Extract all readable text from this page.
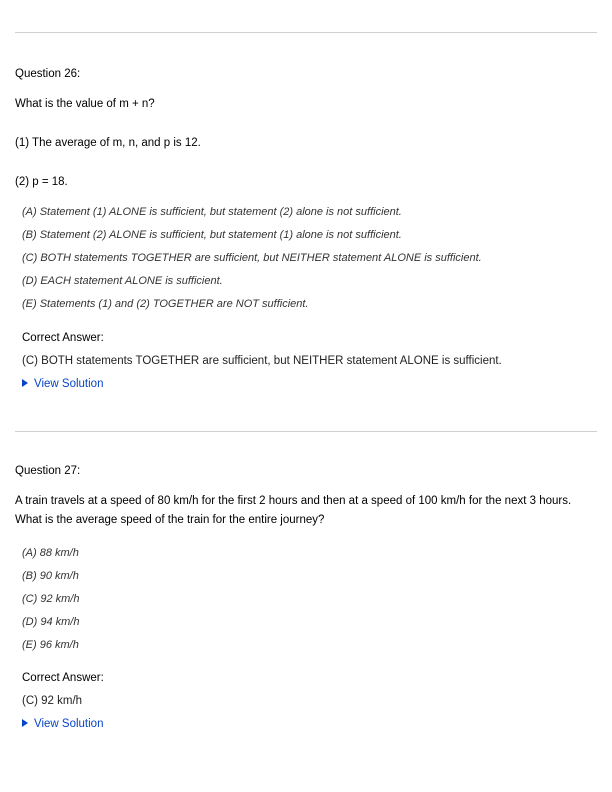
Question 26:
What is the value of m + n?
(1) The average of m, n, and p is 12.
(2) p = 18.
(A) Statement (1) ALONE is sufficient, but statement (2) alone is not sufficient.
(B) Statement (2) ALONE is sufficient, but statement (1) alone is not sufficient.
(C) BOTH statements TOGETHER are sufficient, but NEITHER statement ALONE is sufficient.
(D) EACH statement ALONE is sufficient.
(E) Statements (1) and (2) TOGETHER are NOT sufficient.
Correct Answer:
(C) BOTH statements TOGETHER are sufficient, but NEITHER statement ALONE is sufficient.
View Solution
Question 27:
A train travels at a speed of 80 km/h for the first 2 hours and then at a speed of 100 km/h for the next 3 hours.
What is the average speed of the train for the entire journey?
(A) 88 km/h
(B) 90 km/h
(C) 92 km/h
(D) 94 km/h
(E) 96 km/h
Correct Answer:
(C) 92 km/h
View Solution
